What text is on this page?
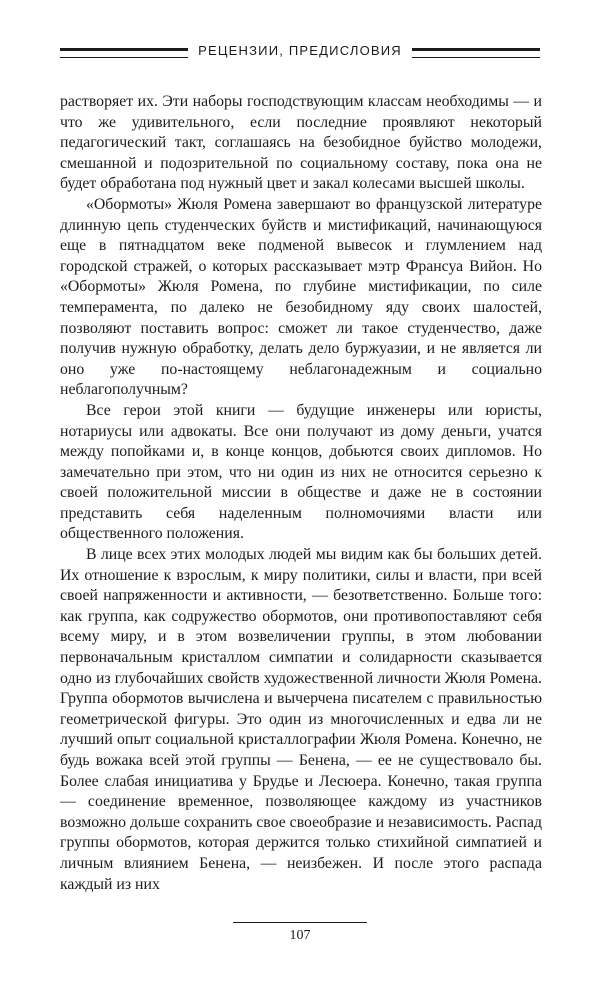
РЕЦЕНЗИИ, ПРЕДИСЛОВИЯ

растворяет их. Эти наборы господствующим классам необходимы — и что же удивительного, если последние проявляют некоторый педагогический такт, соглашаясь на безобидное буйство молодежи, смешанной и подозрительной по социальному составу, пока она не будет обработана под нужный цвет и закал колесами высшей школы.

«Обормоты» Жюля Ромена завершают во французской литературе длинную цепь студенческих буйств и мистификаций, начинающуюся еще в пятнадцатом веке подменой вывесок и глумлением над городской стражей, о которых рассказывает мэтр Франсуа Вийон. Но «Обормоты» Жюля Ромена, по глубине мистификации, по силе темперамента, по далеко не безобидному яду своих шалостей, позволяют поставить вопрос: сможет ли такое студенчество, даже получив нужную обработку, делать дело буржуазии, и не является ли оно уже по-настоящему неблагонадежным и социально неблагополучным?

Все герои этой книги — будущие инженеры или юристы, нотариусы или адвокаты. Все они получают из дому деньги, учатся между попойками и, в конце концов, добьются своих дипломов. Но замечательно при этом, что ни один из них не относится серьезно к своей положительной миссии в обществе и даже не в состоянии представить себя наделенным полномочиями власти или общественного положения.

В лице всех этих молодых людей мы видим как бы больших детей. Их отношение к взрослым, к миру политики, силы и власти, при всей своей напряженности и активности, — безответственно. Больше того: как группа, как содружество обормотов, они противопоставляют себя всему миру, и в этом возвеличении группы, в этом любовании первоначальным кристаллом симпатии и солидарности сказывается одно из глубочайших свойств художественной личности Жюля Ромена. Группа обормотов вычислена и вычерчена писателем с правильностью геометрической фигуры. Это один из многочисленных и едва ли не лучший опыт социальной кристаллографии Жюля Ромена. Конечно, не будь вожака всей этой группы — Бенена, — ее не существовало бы. Более слабая инициатива у Брудье и Лесюера. Конечно, такая группа — соединение временное, позволяющее каждому из участников возможно дольше сохранить свое своеобразие и независимость. Распад группы обормотов, которая держится только стихийной симпатией и личным влиянием Бенена, — неизбежен. И после этого распада каждый из них

107
